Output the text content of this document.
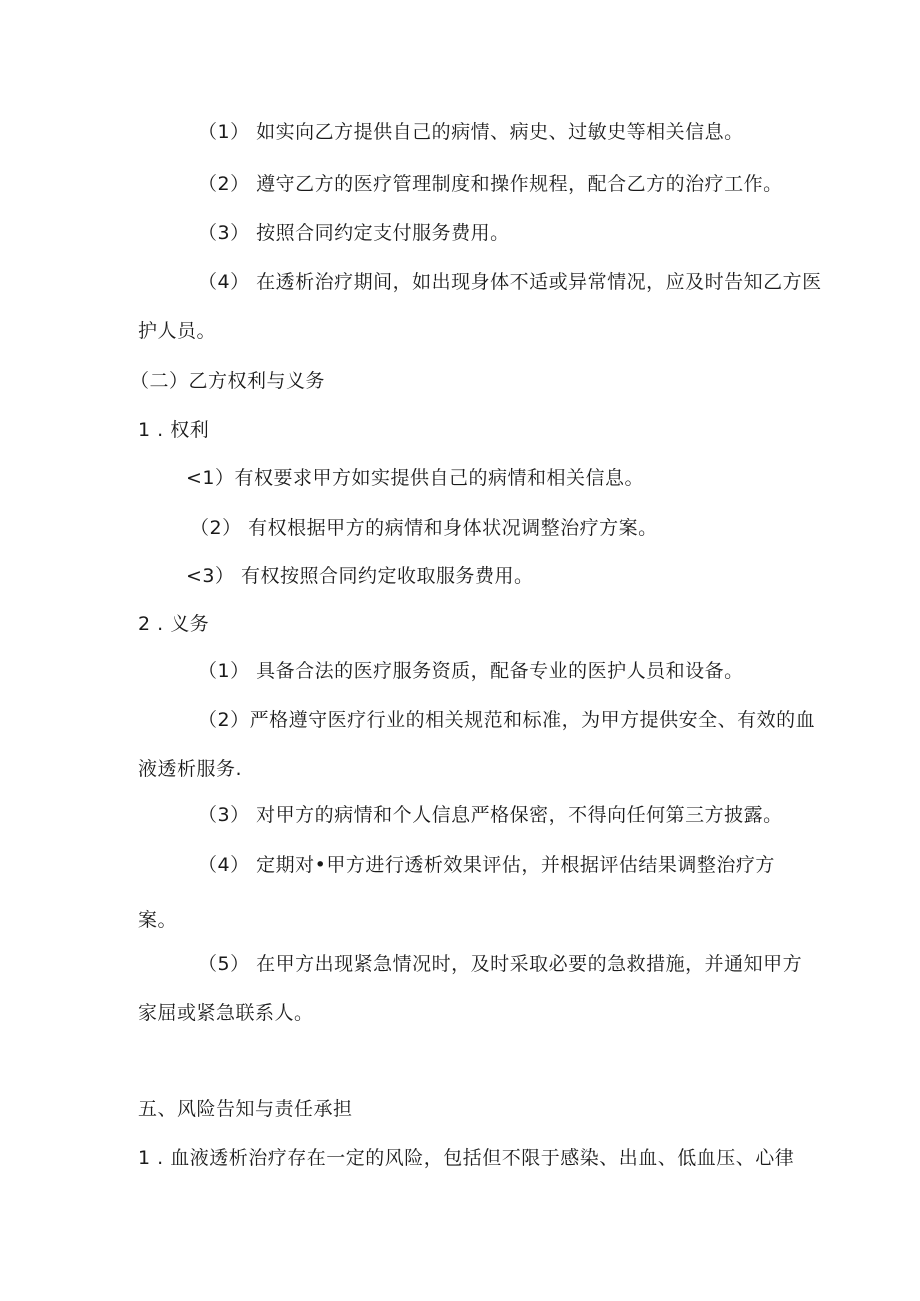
（1） 如实向乙方提供自己的病情、病史、过敏史等相关信息。
（2） 遵守乙方的医疗管理制度和操作规程，配合乙方的治疗工作。
（3） 按照合同约定支付服务费用。
（4） 在透析治疗期间，如出现身体不适或异常情况，应及时告知乙方医
护人员。
（二）乙方权利与义务
1 . 权利
<1）有权要求甲方如实提供自己的病情和相关信息。
（2） 有权根据甲方的病情和身体状况调整治疗方案。
<3） 有权按照合同约定收取服务费用。
2 . 义务
（1） 具备合法的医疗服务资质，配备专业的医护人员和设备。
（2）严格遵守医疗行业的相关规范和标准，为甲方提供安全、有效的血
液透析服务.
（3） 对甲方的病情和个人信息严格保密，不得向任何第三方披露。
（4） 定期对•甲方进行透析效果评估，并根据评估结果调整治疗方
案。
（5） 在甲方出现紧急情况时，及时采取必要的急救措施，并通知甲方
家屈或紧急联系人。
五、风险告知与责任承担
1 . 血液透析治疗存在一定的风险，包括但不限于感染、出血、低血压、心律
